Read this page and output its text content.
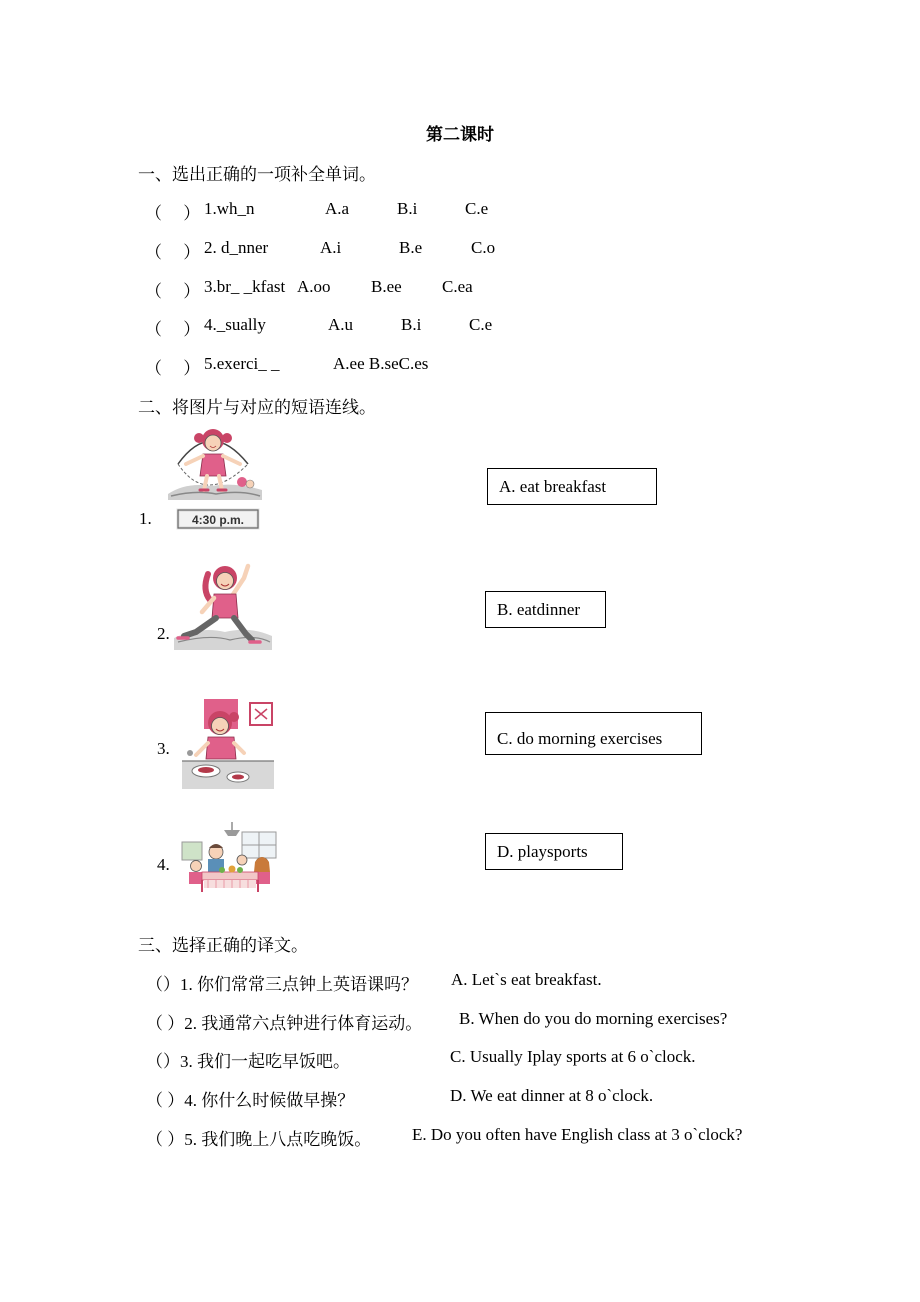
第二课时
一、选出正确的一项补全单词。
（　 ） 1.wh_n	A.a	B.i	C.e
（　 ） 2. d_nner	A.i	B.e	C.o
（　 ） 3.br_ _kfast A.oo B.ee C.ea
（　 ） 4._sually	A.u	B.i	C.e
（　 ） 5.exerci_ _	A.ee B.seC.es
二、将图片与对应的短语连线。
1.	4:30 p.m.
2.
3.
4.
A. eat breakfast
B. eatdinner
C. do morning exercises
D. playsports
三、选择正确的译文。
（）1. 你们常常三点钟上英语课吗？ A. Let`s eat breakfast.
（ ）2. 我通常六点钟进行体育运动。 B. When do you do morning exercises?
（）3. 我们一起吃早饭吧。	C. Usually Iplay sports at 6 o`clock.
（ ）4. 你什么时候做早操？	D. We eat dinner at 8 o`clock.
（ ）5. 我们晚上八点吃晚饭。 E. Do you often have English class at 3 o`clock?
